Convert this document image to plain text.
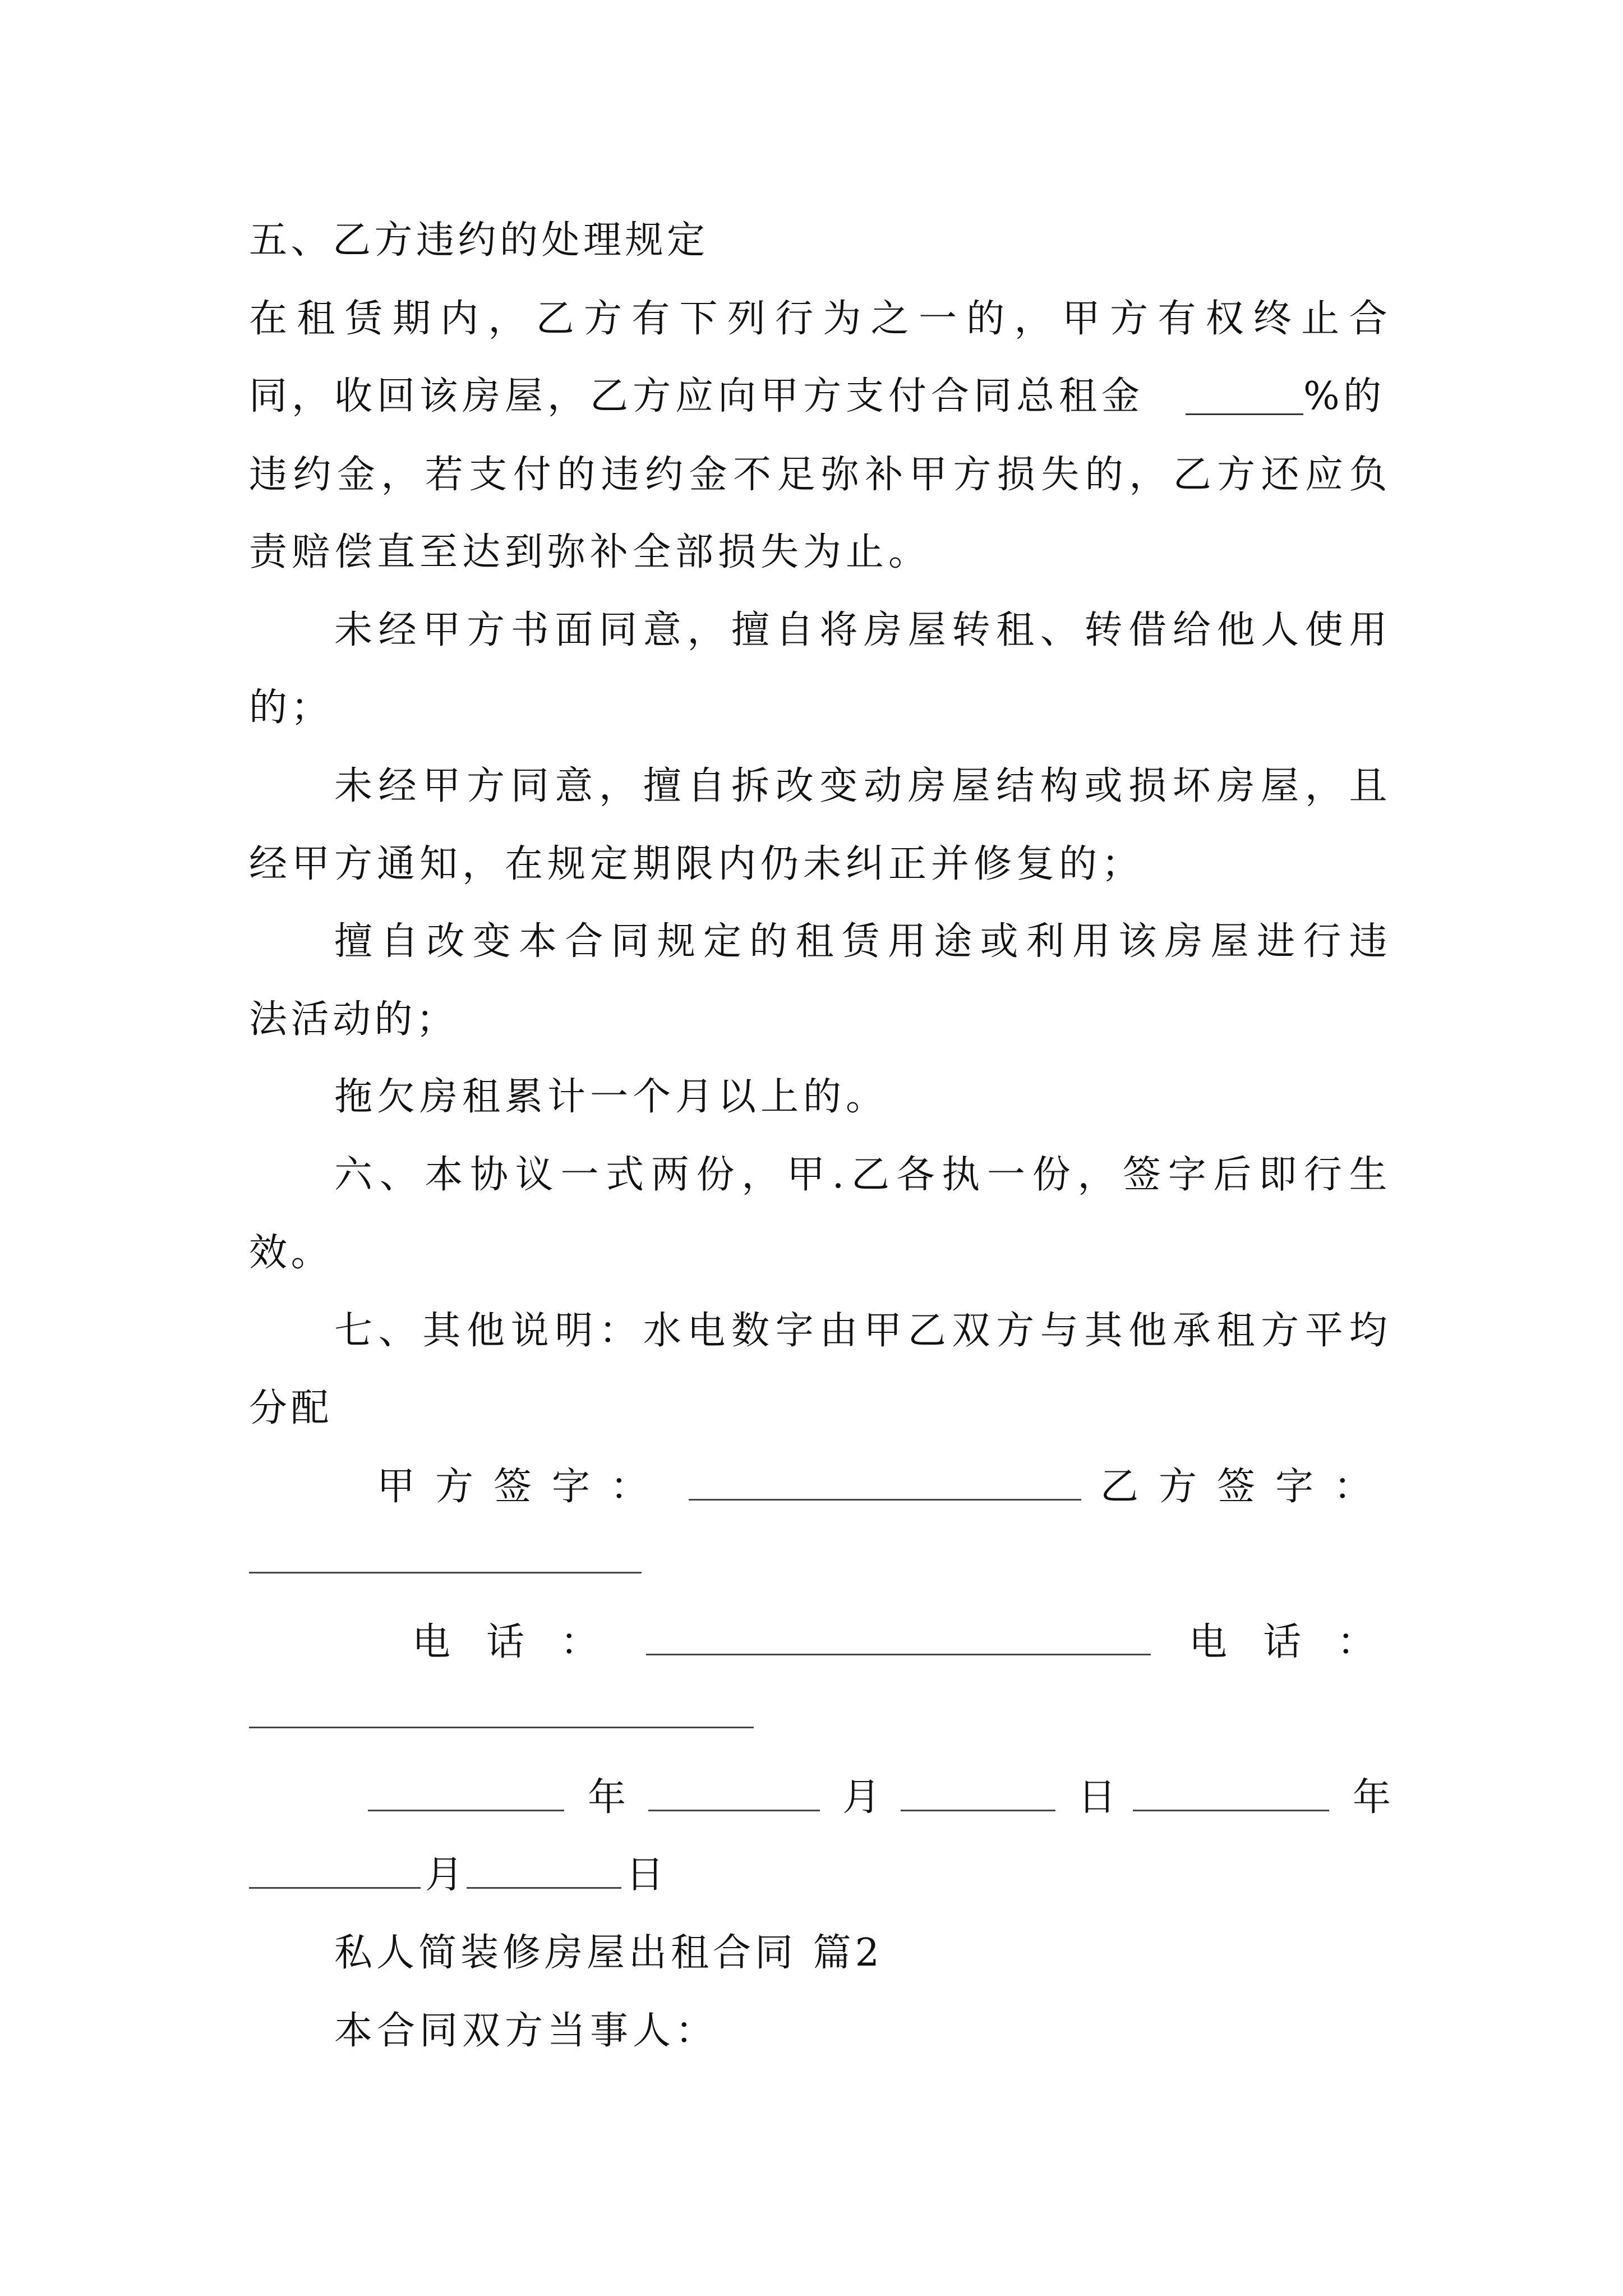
五、乙方违约的处理规定
在租赁期内，乙方有下列行为之一的，甲方有权终止合
同，收回该房屋，乙方应向甲方支付合同总租金	%的
违约金，若支付的违约金不足弥补甲方损失的，乙方还应负
责赔偿直至达到弥补全部损失为止。
未经甲方书面同意，擅自将房屋转租、转借给他人使用
的；
未经甲方同意，擅自拆改变动房屋结构或损坏房屋，且
经甲方通知，在规定期限内仍未纠正并修复的；
擅自改变本合同规定的租赁用途或利用该房屋进行违
法活动的；
拖欠房租累计一个月以上的。
六、本协议一式两份，甲.乙各执一份，签字后即行生
效。
七、其他说明：水电数字由甲乙双方与其他承租方平均
分配
甲方签字：	乙方签字：
电话：	电话：
年	月	日	年
月	日
私人简装修房屋出租合同 篇2
本合同双方当事人：
